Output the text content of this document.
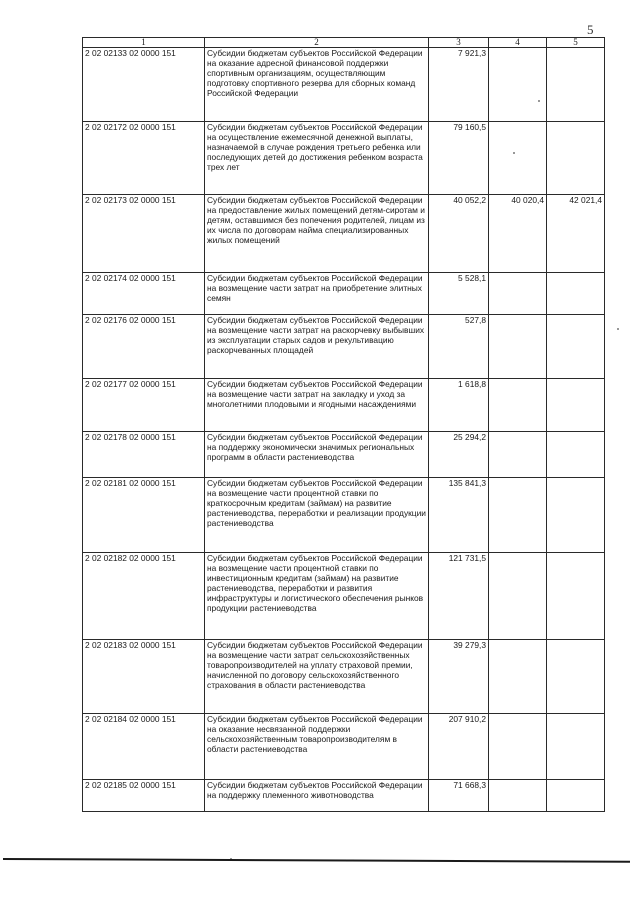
5
1	2	3	4	5
2 02 02133 02 0000 151	Субсидии бюджетам субъектов Российской Федерации на оказание адресной финансовой поддержки спортивным организациям, осуществляющим подготовку спортивного резерва для сборных команд Российской Федерации	7 921,3		
2 02 02172 02 0000 151	Субсидии бюджетам субъектов Российской Федерации на осуществление ежемесячной денежной выплаты, назначаемой в случае рождения третьего ребенка или последующих детей до достижения ребенком возраста трех лет	79 160,5		
2 02 02173 02 0000 151	Субсидии бюджетам субъектов Российской Федерации на предоставление жилых помещений детям-сиротам и детям, оставшимся без попечения родителей, лицам из их числа по договорам найма специализированных жилых помещений	40 052,2	40 020,4	42 021,4
2 02 02174 02 0000 151	Субсидии бюджетам субъектов Российской Федерации на возмещение части затрат на приобретение элитных семян	5 528,1		
2 02 02176 02 0000 151	Субсидии бюджетам субъектов Российской Федерации на возмещение части затрат на раскорчевку выбывших из эксплуатации старых садов и рекультивацию раскорчеванных площадей	527,8		
2 02 02177 02 0000 151	Субсидии бюджетам субъектов Российской Федерации на возмещение части затрат на закладку и уход за многолетними плодовыми и ягодными насаждениями	1 618,8		
2 02 02178 02 0000 151	Субсидии бюджетам субъектов Российской Федерации на поддержку экономически значимых региональных программ в области растениеводства	25 294,2		
2 02 02181 02 0000 151	Субсидии бюджетам субъектов Российской Федерации на возмещение части процентной ставки по краткосрочным кредитам (займам) на развитие растениеводства, переработки и реализации продукции растениеводства	135 841,3		
2 02 02182 02 0000 151	Субсидии бюджетам субъектов Российской Федерации на возмещение части процентной ставки по инвестиционным кредитам (займам) на развитие растениеводства, переработки и развития инфраструктуры и логистического обеспечения рынков продукции растениеводства	121 731,5		
2 02 02183 02 0000 151	Субсидии бюджетам субъектов Российской Федерации на возмещение части затрат сельскохозяйственных товаропроизводителей на уплату страховой премии, начисленной по договору сельскохозяйственного страхования в области растениеводства	39 279,3		
2 02 02184 02 0000 151	Субсидии бюджетам субъектов Российской Федерации на оказание несвязанной поддержки сельскохозяйственным товаропроизводителям в области растениеводства	207 910,2		
2 02 02185 02 0000 151	Субсидии бюджетам субъектов Российской Федерации на поддержку племенного животноводства	71 668,3		
